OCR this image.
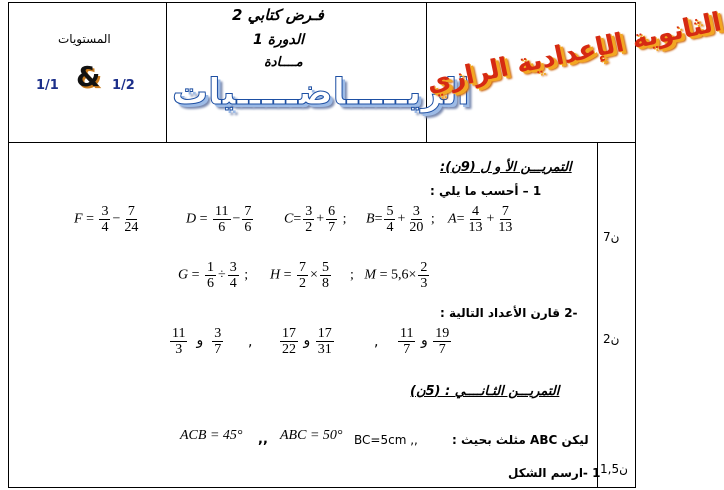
المستويات
1/1 & 1/2
فـرض كتابي 2
الدورة 1
مــــادة
الريـــــاضـــــيات
الثانوية الإعدادية الرازي
ن7
ن2
ن1,5
التمريـــن الأ و ل (9ن):
1 – أحسب ما يلي :
$F = \frac{3}{4} - \frac{7}{24}$	$D = \frac{11}{6} - \frac{7}{6} C= \frac{3}{2} + \frac{6}{7}$ ; $B= \frac{5}{4} + \frac{3}{20}$ ; $A= \frac{4}{13} + \frac{7}{13}$
$G = \frac{1}{6} \div \frac{3}{4}$ ; $H = \frac{7}{2} \times \frac{5}{8}$ ; $M = 5,6\times \frac{2}{3}$
-2 قارن الأعداد التالية :
$\frac{11}{3}$ و $\frac{3}{7}$ , $\frac{17}{22}$ و $\frac{17}{31}$	, $\frac{11}{7}$ و $\frac{19}{7}$
التمريـــن الثـانــــي : (5ن)
ACB = 45° ,, ABC = 50° BC=5cm ,,	ليكن ABC مثلث بحيث :
1 -ارسم الشكل
